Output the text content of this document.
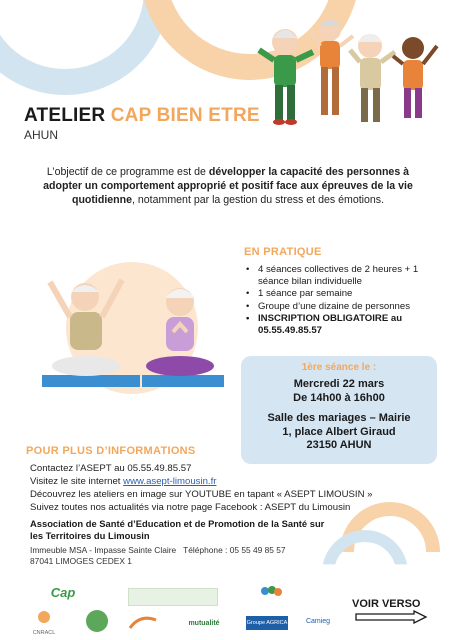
ATELIER CAP BIEN ETRE
AHUN
L’objectif de ce programme est de développer la capacité des personnes à adopter un comportement approprié et positif face aux épreuves de la vie quotidienne, notamment par la gestion du stress et des émotions.
EN PRATIQUE
• 4 séances collectives de 2 heures + 1 séance bilan individuelle
• 1 séance par semaine
• Groupe d’une dizaine de personnes
• INSCRIPTION OBLIGATOIRE au 05.55.49.85.57
1ère séance le :
Mercredi 22 mars
De 14h00 à 16h00
Salle des mariages – Mairie
1, place Albert Giraud
23150 AHUN
POUR PLUS D’INFORMATIONS
Contactez l’ASEPT au 05.55.49.85.57
Visitez le site internet www.asept-limousin.fr
Découvrez les ateliers en image sur YOUTUBE en tapant « ASEPT LIMOUSIN »
Suivez toutes nos actualités via notre page Facebook : ASEPT du Limousin
Association de Santé d’Education et de Promotion de la Santé sur les Territoires du Limousin
Immeuble MSA - Impasse Sainte Claire Téléphone : 05 55 49 85 57
87041 LIMOGES CEDEX 1
Cap
CNRACL
mutualité	Groupe AGRICA	Camieg
VOIR VERSO
